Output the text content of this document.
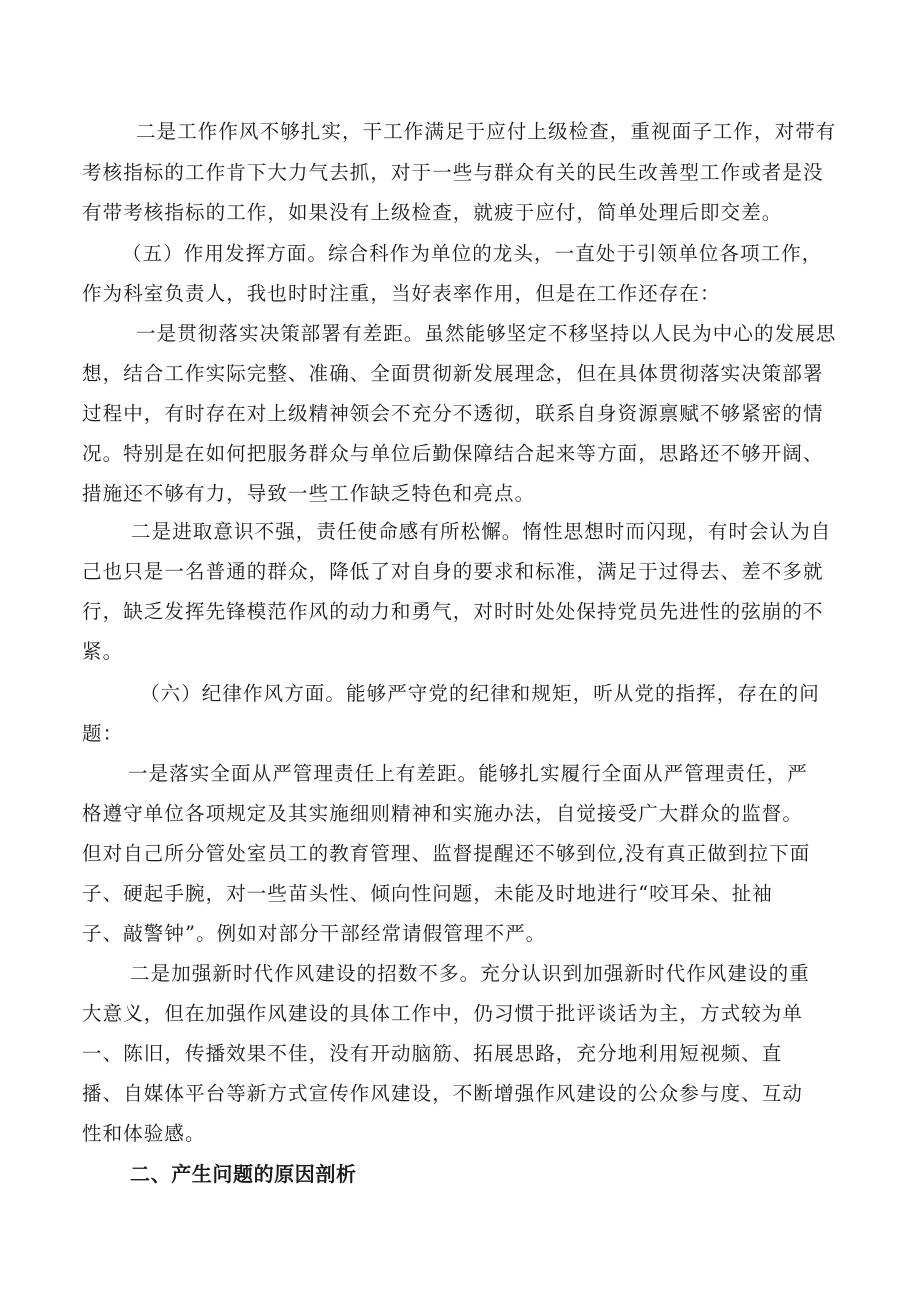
二是工作作风不够扎实，干工作满足于应付上级检查，重视面子工作，对带有
考核指标的工作肯下大力气去抓，对于一些与群众有关的民生改善型工作或者是没
有带考核指标的工作，如果没有上级检查，就疲于应付，简单处理后即交差。
（五）作用发挥方面。综合科作为单位的龙头，一直处于引领单位各项工作，
作为科室负责人，我也时时注重，当好表率作用，但是在工作还存在：
一是贯彻落实决策部署有差距。虽然能够坚定不移坚持以人民为中心的发展思
想，结合工作实际完整、准确、全面贯彻新发展理念，但在具体贯彻落实决策部署
过程中，有时存在对上级精神领会不充分不透彻，联系自身资源禀赋不够紧密的情
况。特别是在如何把服务群众与单位后勤保障结合起来等方面，思路还不够开阔、
措施还不够有力，导致一些工作缺乏特色和亮点。
二是进取意识不强，责任使命感有所松懈。惰性思想时而闪现，有时会认为自
己也只是一名普通的群众，降低了对自身的要求和标准，满足于过得去、差不多就
行，缺乏发挥先锋模范作风的动力和勇气，对时时处处保持党员先进性的弦崩的不
紧。
（六）纪律作风方面。能够严守党的纪律和规矩，听从党的指挥，存在的问
题：
一是落实全面从严管理责任上有差距。能够扎实履行全面从严管理责任，严
格遵守单位各项规定及其实施细则精神和实施办法，自觉接受广大群众的监督。
但对自己所分管处室员工的教育管理、监督提醒还不够到位,没有真正做到拉下面
子、硬起手腕，对一些苗头性、倾向性问题，未能及时地进行“咬耳朵、扯袖
子、敲警钟”。例如对部分干部经常请假管理不严。
二是加强新时代作风建设的招数不多。充分认识到加强新时代作风建设的重
大意义，但在加强作风建设的具体工作中，仍习惯于批评谈话为主，方式较为单
一、陈旧，传播效果不佳，没有开动脑筋、拓展思路，充分地利用短视频、直
播、自媒体平台等新方式宣传作风建设，不断增强作风建设的公众参与度、互动
性和体验感。
二、产生问题的原因剖析
